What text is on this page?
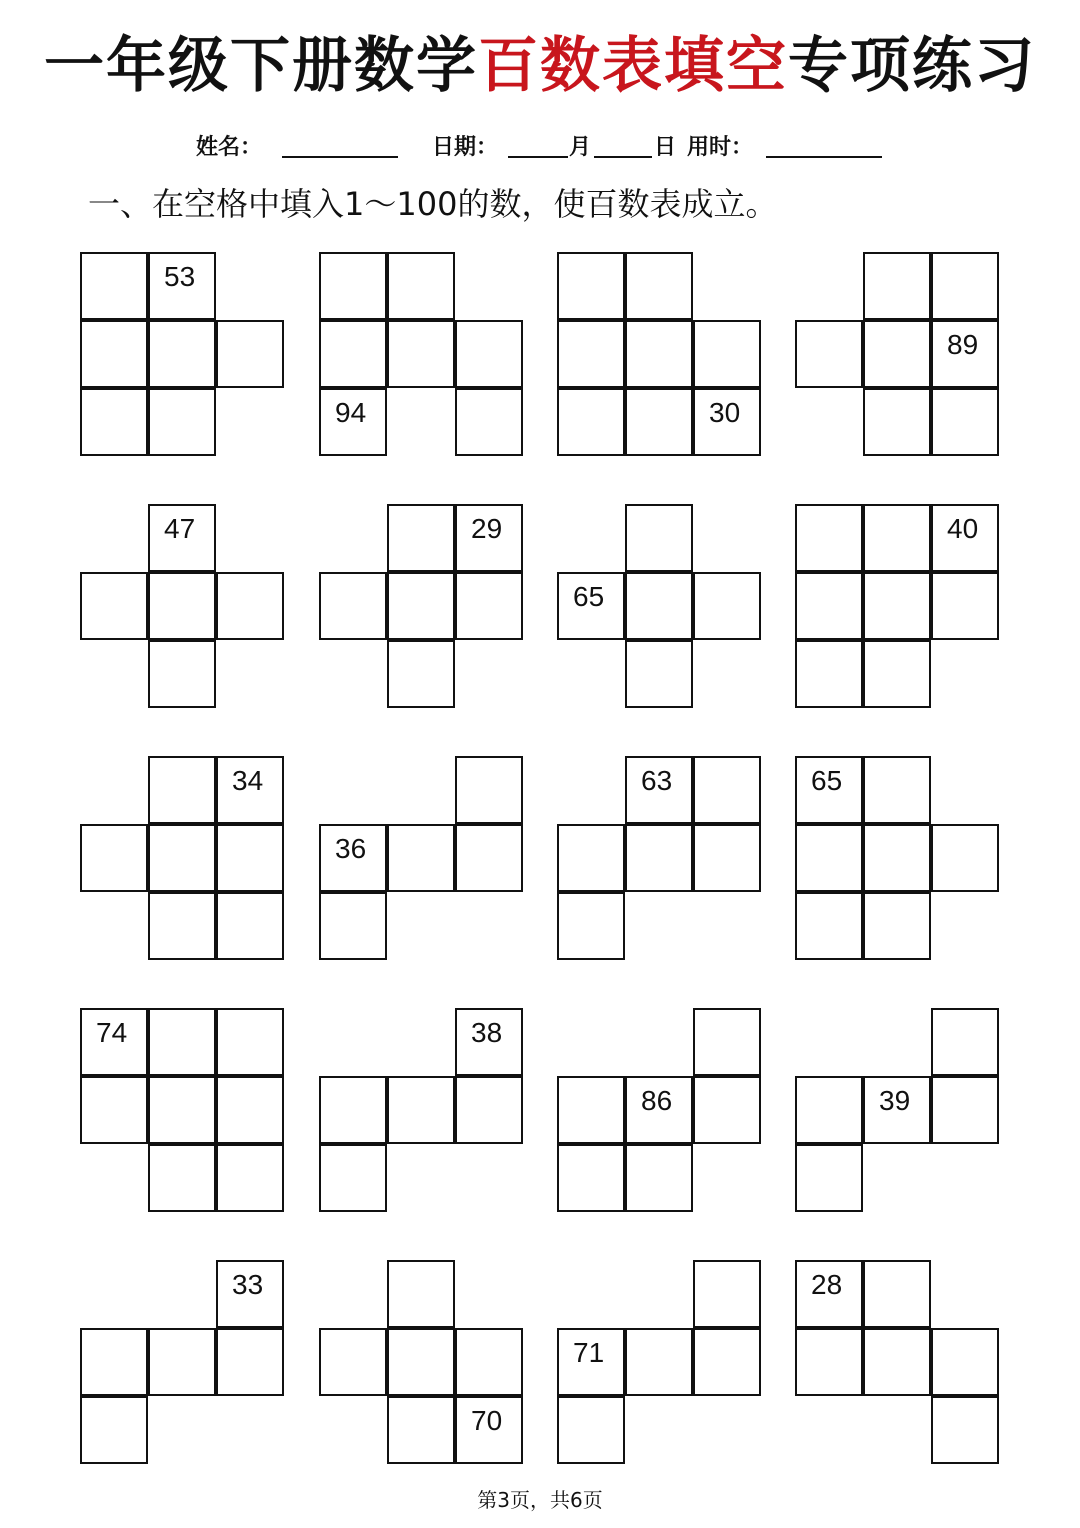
一年级下册数学百数表填空专项练习
姓名：	日期：	月	日 用时：
一、在空格中填入1～100的数，使百数表成立。
53
94	30
89
47	29
65
40
34
36
63	65
74	38
86	39
33
70
71
28
第3页，共6页
